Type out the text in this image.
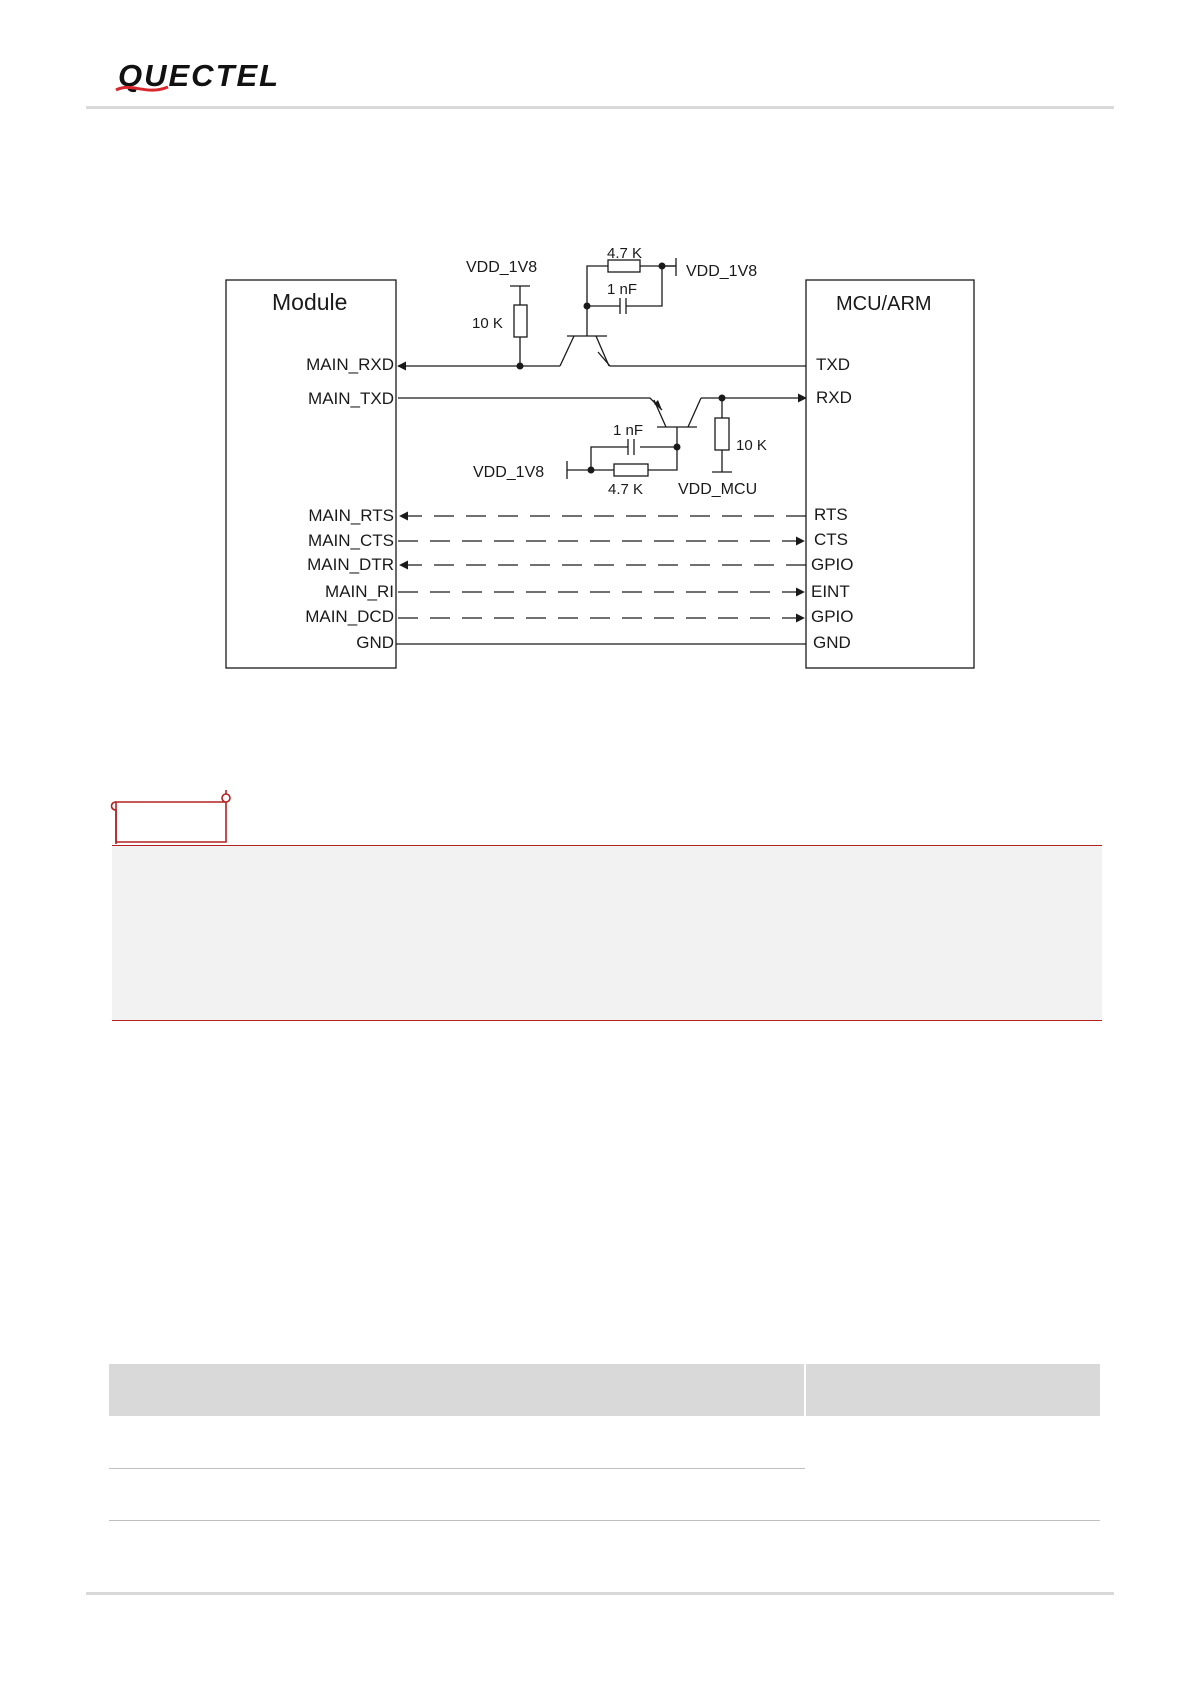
QUECTEL
Module	MCU/ARM
MAIN_RXD
MAIN_TXD
MAIN_RTS
MAIN_CTS
MAIN_DTR
MAIN_RI
MAIN_DCD
GND
TXD
RXD
RTS
CTS
GPIO
EINT
GPIO
GND
VDD_1V8
10 K
4.7 K
1 nF
VDD_1V8
1 nF
10 K
VDD_1V8
4.7 K VDD_MCU
